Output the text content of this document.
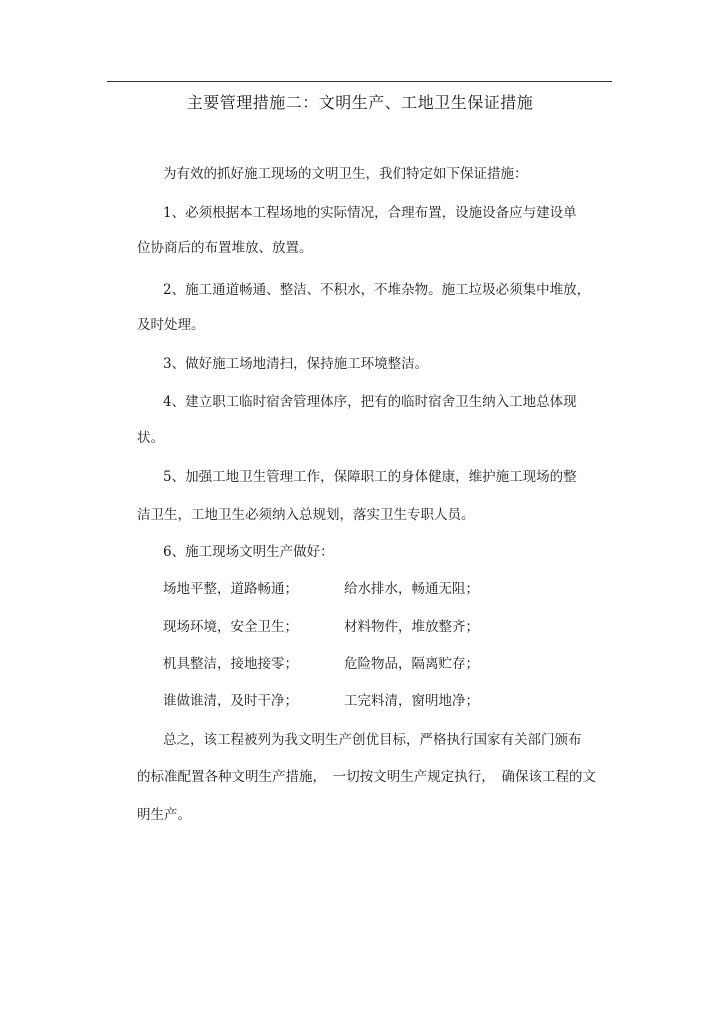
主要管理措施二：文明生产、工地卫生保证措施
为有效的抓好施工现场的文明卫生，我们特定如下保证措施：
1、必须根据本工程场地的实际情况，合理布置，设施设备应与建设单
位协商后的布置堆放、放置。
2、施工通道畅通、整洁、不积水，不堆杂物。施工垃圾必须集中堆放，
及时处理。
3、做好施工场地清扫，保持施工环境整洁。
4、建立职工临时宿舍管理体序，把有的临时宿舍卫生纳入工地总体现
状。
5、加强工地卫生管理工作，保障职工的身体健康，维护施工现场的整
洁卫生，工地卫生必须纳入总规划，落实卫生专职人员。
6、施工现场文明生产做好：
场地平整，道路畅通；	给水排水，畅通无阻；
现场环境，安全卫生；	材料物件，堆放整齐；
机具整洁，接地接零；	危险物品，隔离贮存；
谁做谁清，及时干净；	工完料清，窗明地净；
总之，该工程被列为我文明生产创优目标，严格执行国家有关部门颁布
的标准配置各种文明生产措施，　一切按文明生产规定执行，　确保该工程的文
明生产。
